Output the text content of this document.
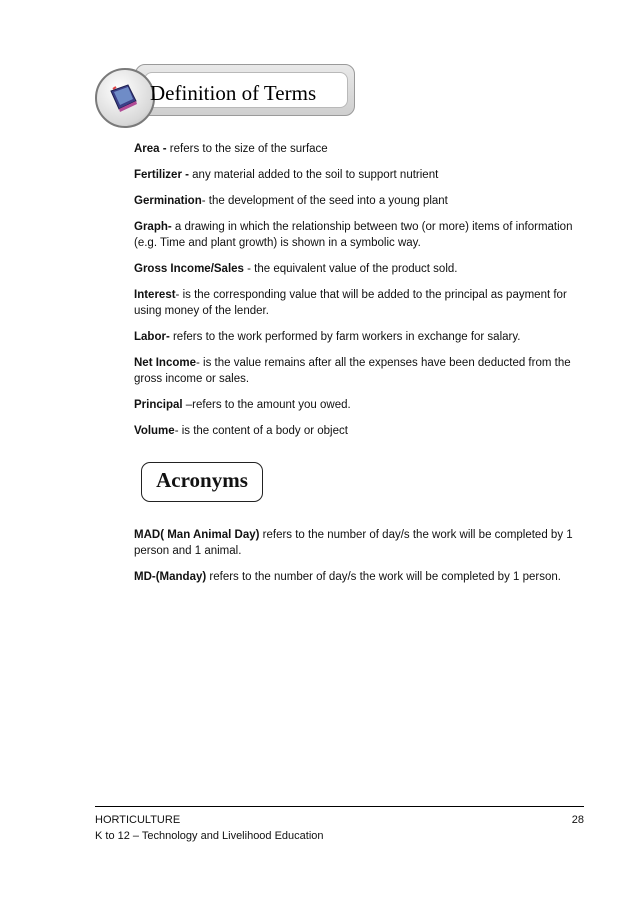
Definition of Terms

Area - refers to the size of the surface

Fertilizer - any material added to the soil to support nutrient

Germination- the development of the seed into a young plant

Graph- a drawing in which the relationship between two (or more) items of information (e.g. Time and plant growth) is shown in a symbolic way.

Gross Income/Sales - the equivalent value of the product sold.

Interest- is the corresponding value that will be added to the principal as payment for using money of the lender.

Labor- refers to the work performed by farm workers in exchange for salary.

Net Income- is the value remains after all the expenses have been deducted from the gross income or sales.

Principal –refers to the amount you owed.

Volume- is the content of a body or object

Acronyms

MAD( Man Animal Day) refers to the number of day/s the work will be completed by 1 person and 1 animal.

MD-(Manday) refers to the number of day/s the work will be completed by 1 person.

HORTICULTURE
K to 12 – Technology and Livelihood Education
28
